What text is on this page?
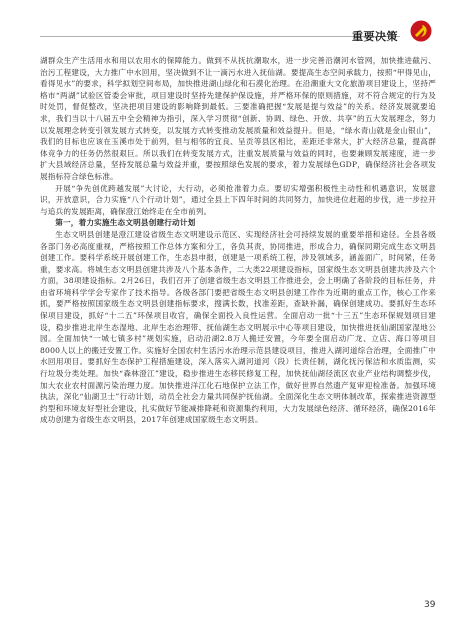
重要决策

湖群众生产生活用水和用以农用水的保障能力。做到不从抚抗潮取水，进一步完善沿潮河水管网，加快推进截污、治污工程建设，大力推广中水回用，坚决做到不让一滴污水进入抚仙湖。要提高生态空间承载力，按照“甲得见山，看得见水”的要求，科学拟划空间布局，加快推进湖山绿化和石漠化治理。在沿潮重大文化旅游项目建设上，坚持严格市“两湖”试验区管委会审批，项目建设时坚持先建保护保设施，并严格环保的原则措施，对不符合规定的行为及时处罚，督促整改，坚决把项目建设的影响降到最低。三要准确把握“发展是提与效益”的关系。经济发展就要追求，我们当以十八届五中全会精神为指引，深入学习贯彻“创新、协调、绿色、开放、共享”的五大发展理念，努力以发展理念转变引领发展方式转变，以发展方式转变推动发展质量和效益提升。但是，“绿水青山就是金山银山”，我们的目标也应该在玉溪市处于前列，但与相邻的宜良、呈贡等县区相比，差距还非常大，扩大经济总量，提高群体竞争力的任务仍然很艰巨。所以我们在转变发展方式，注重发展质量与效益的同时，也要兼顾发展速度，进一步扩大县域经济总量，坚持发展总量与效益并重，要按照绿色发展的要求，着力发展绿色GDP，确保经济社会各项发展指标符合绿色标准。

开展“争先创优跨越发展”大讨论，大行动，必须抢准着力点。要切实增强积极性主动性和机遇意识，发展意识，开放意识，合力实施“八个行动计划”，通过全县上下四年时间的共同努力，加快进位赶超的步伐，进一步拉开与追兵的发展距离，确保澄江始终走在全市前列。

第一，着力实施生态文明县创建行动计划

生态文明县创建是澄江建设省级生态文明建设示范区、实现经济社会可持续发展的重要举措和途径。全县各级各部门务必高度重视，严格按照工作总体方案和分工，各负其责，协同推进，形成合力，确保同期完成生态文明县创建工作。要科学系统开展创建工作，生态县申报，创建是一项系统工程，涉及领域多，涵盖面广，时间紧，任务重，要求高。将城生态文明县创建共涉及八个基本条件，二大类22项建设指标，国家级生态文明县创建共涉及六个方面，38项建设指标。2月26日，我们召开了创建省级生态文明县工作推进会，会上明确了各阶段的目标任务，并由省环境科学学会专家作了技术指导。各级各部门要把省级生态文明县创建工作作为近期的重点工作，核心工作来抓，要严格按照国家级生态文明县创建指标要求，搜满长数，找准差距，查缺补漏，确保创建成功。要抓好生态环保项目建设，抓好“十二五”环保项目收官，确保全面投入良性运营。全面启动一批“十三五”生态环保规划项目建设，稳步推进北岸生态湿地、北岸生态治理带、抚仙湖生态文明展示中心等项目建设，加快推进抚仙湖国家湿地公园。全面加快“一城七镇多村”规划实施，启动沿湖2.8万人搬迁安置，今年要全面启动广龙、立店、海口等项目8000人以上的搬迁安置工作。实施好全国农村生活污水治理示范县建设项目，推进入湖河道综合治理，全面推广中水回用项目。要抓好生态保护工程措施建设，深入落实入湖河道河（段）长责任制，湖化抚污保洁和水质监测，实行垃圾分类处理。加快“森林澄江”建设，稳步推进生态移民修复工程，加快抚仙湖径流区农业产业结构调整步伐，加大农业农村面源污染治理力度。加快推进洋江化石地保护立法工作，做好世界自然遗产复审迎检准备。加强环境执法，深化“仙湖卫士”行动计划，动员全社会力量共同保护抚仙湖。全面深化生态文明体制改革，探索推进资源型约型和环境友好型社会建设，扎实做好节能减排降耗和资源集约利用，大力发展绿色经济、循环经济，确保2016年成功创建为省级生态文明县，2017年创建成国家级生态文明县。

39
